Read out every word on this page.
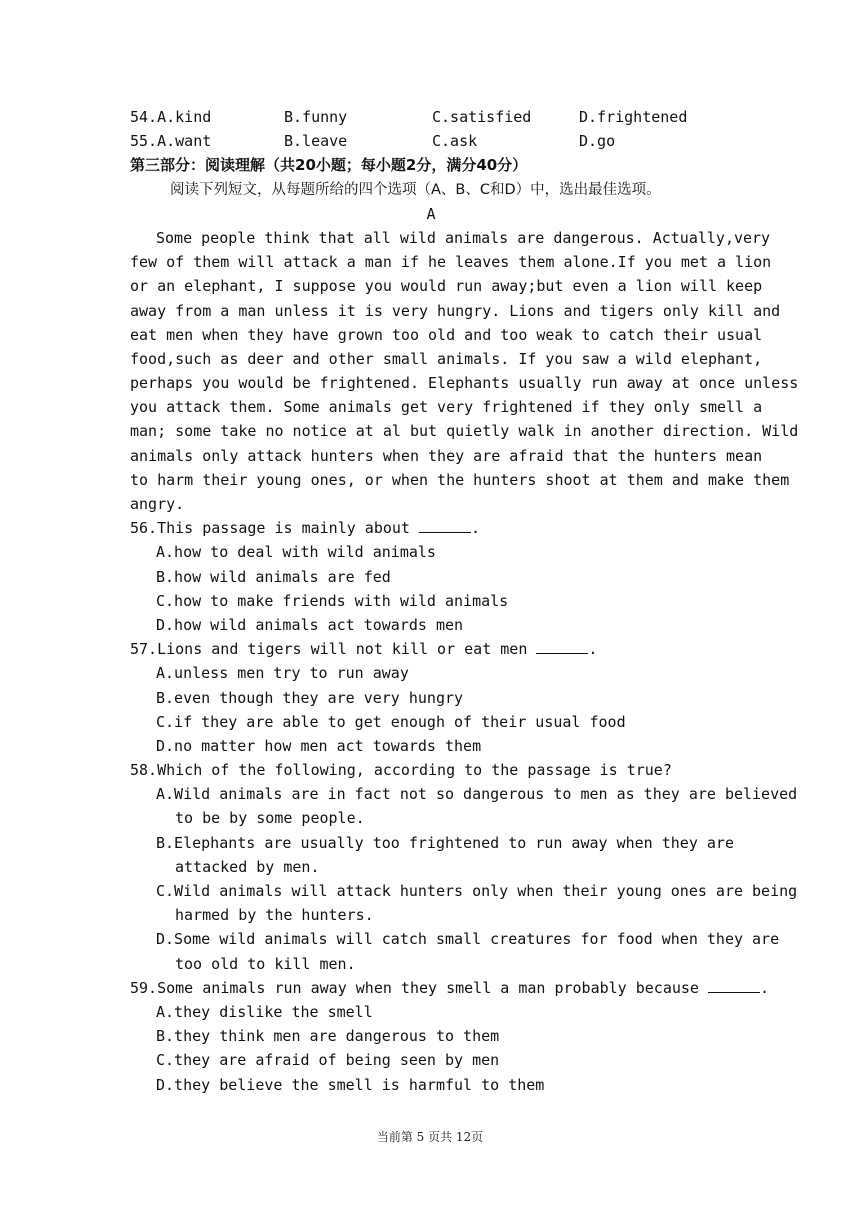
54.A.kind	B.funny	C.satisfied	D.frightened
55.A.want	B.leave	C.ask	D.go
第三部分：阅读理解（共20小题；每小题2分，满分40分）
阅读下列短文，从每题所给的四个选项（A、B、C和D）中，选出最佳选项。
A
Some people think that all wild animals are dangerous. Actually,very
few of them will attack a man if he leaves them alone.If you met a lion
or an elephant, I suppose you would run away;but even a lion will keep
away from a man unless it is very hungry. Lions and tigers only kill and
eat men when they have grown too old and too weak to catch their usual
food,such as deer and other small animals. If you saw a wild elephant,
perhaps you would be frightened. Elephants usually run away at once unless
you attack them. Some animals get very frightened if they only smell a
man; some take no notice at al but quietly walk in another direction. Wild
animals only attack hunters when they are afraid that the hunters mean
to harm their young ones, or when the hunters shoot at them and make them
angry.
56.This passage is mainly about	.
A.how to deal with wild animals
B.how wild animals are fed
C.how to make friends with wild animals
D.how wild animals act towards men
57.Lions and tigers will not kill or eat men	.
A.unless men try to run away
B.even though they are very hungry
C.if they are able to get enough of their usual food
D.no matter how men act towards them
58.Which of the following, according to the passage is true?
A.Wild animals are in fact not so dangerous to men as they are believed
to be by some people.
B.Elephants are usually too frightened to run away when they are
attacked by men.
C.Wild animals will attack hunters only when their young ones are being
harmed by the hunters.
D.Some wild animals will catch small creatures for food when they are
too old to kill men.
59.Some animals run away when they smell a man probably because	.
A.they dislike the smell
B.they think men are dangerous to them
C.they are afraid of being seen by men
D.they believe the smell is harmful to them
当前第 5 页共 12页
